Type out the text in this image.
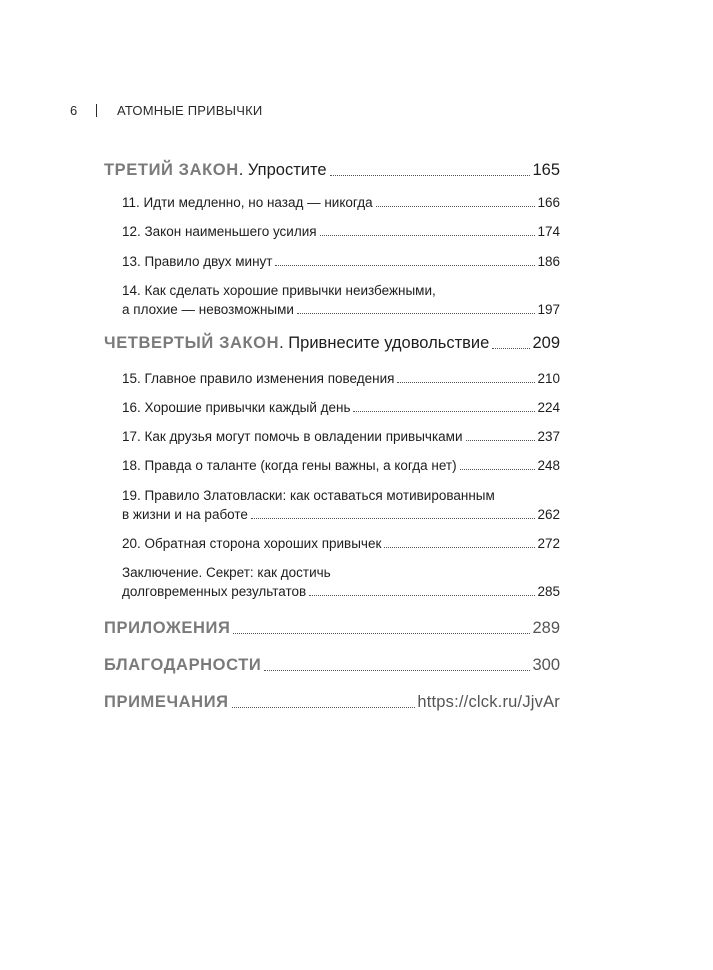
6	АТОМНЫЕ ПРИВЫЧКИ
ТРЕТИЙ ЗАКОН. Упростите	165
11. Идти медленно, но назад — никогда	166
12. Закон наименьшего усилия	174
13. Правило двух минут	186
14. Как сделать хорошие привычки неизбежными,
а плохие — невозможными	197
ЧЕТВЕРТЫЙ ЗАКОН. Привнесите удовольствие	209
15. Главное правило изменения поведения	210
16. Хорошие привычки каждый день	224
17. Как друзья могут помочь в овладении привычками	237
18. Правда о таланте (когда гены важны, а когда нет)	248
19. Правило Златовласки: как оставаться мотивированным
в жизни и на работе	262
20. Обратная сторона хороших привычек	272
Заключение. Секрет: как достичь
долговременных результатов	285
ПРИЛОЖЕНИЯ	289
БЛАГОДАРНОСТИ	300
ПРИМЕЧАНИЯ	https://clck.ru/JjvAr
